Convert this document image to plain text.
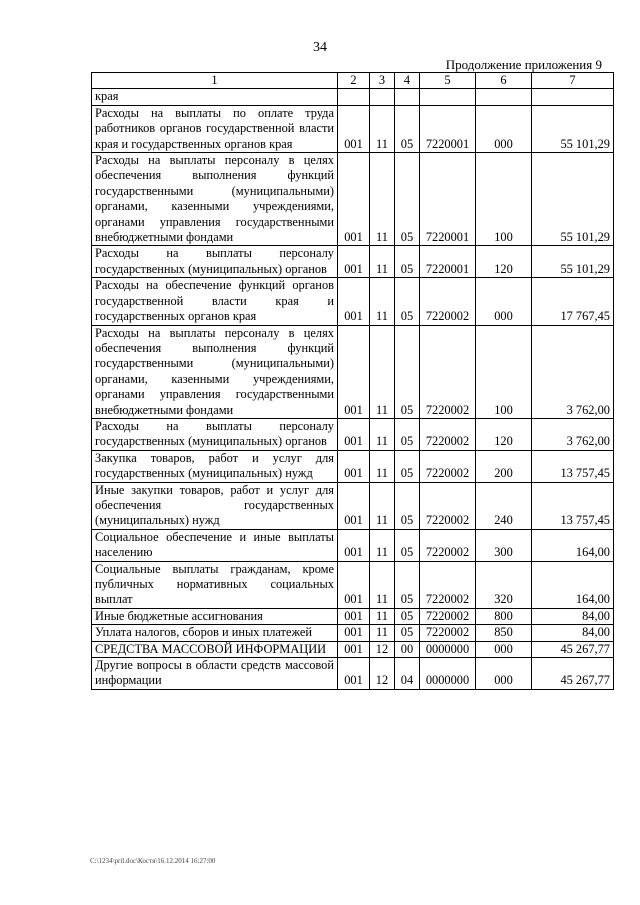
34
Продолжение приложения 9
1	2	3	4	5	6	7
края						
Расходы на выплаты по оплате труда работников органов государственной власти края и государственных органов края	001	11	05	7220001	000	55 101,29
Расходы на выплаты персоналу в целях обеспечения выполнения функций государственными (муниципальными) органами, казенными учреждениями, органами управления государственными внебюджетными фондами	001	11	05	7220001	100	55 101,29
Расходы на выплаты персоналу государственных (муниципальных) органов	001	11	05	7220001	120	55 101,29
Расходы на обеспечение функций органов государственной власти края и государственных органов края	001	11	05	7220002	000	17 767,45
Расходы на выплаты персоналу в целях обеспечения выполнения функций государственными (муниципальными) органами, казенными учреждениями, органами управления государственными внебюджетными фондами	001	11	05	7220002	100	3 762,00
Расходы на выплаты персоналу государственных (муниципальных) органов	001	11	05	7220002	120	3 762,00
Закупка товаров, работ и услуг для государственных (муниципальных) нужд	001	11	05	7220002	200	13 757,45
Иные закупки товаров, работ и услуг для обеспечения государственных (муниципальных) нужд	001	11	05	7220002	240	13 757,45
Социальное обеспечение и иные выплаты населению	001	11	05	7220002	300	164,00
Социальные выплаты гражданам, кроме публичных нормативных социальных выплат	001	11	05	7220002	320	164,00
Иные бюджетные ассигнования	001	11	05	7220002	800	84,00
Уплата налогов, сборов и иных платежей	001	11	05	7220002	850	84,00
СРЕДСТВА МАССОВОЙ ИНФОРМАЦИИ	001	12	00	0000000	000	45 267,77
Другие вопросы в области средств массовой информации	001	12	04	0000000	000	45 267,77
C:\1234\pril.doc\Костя\16.12.2014 16:27:00
